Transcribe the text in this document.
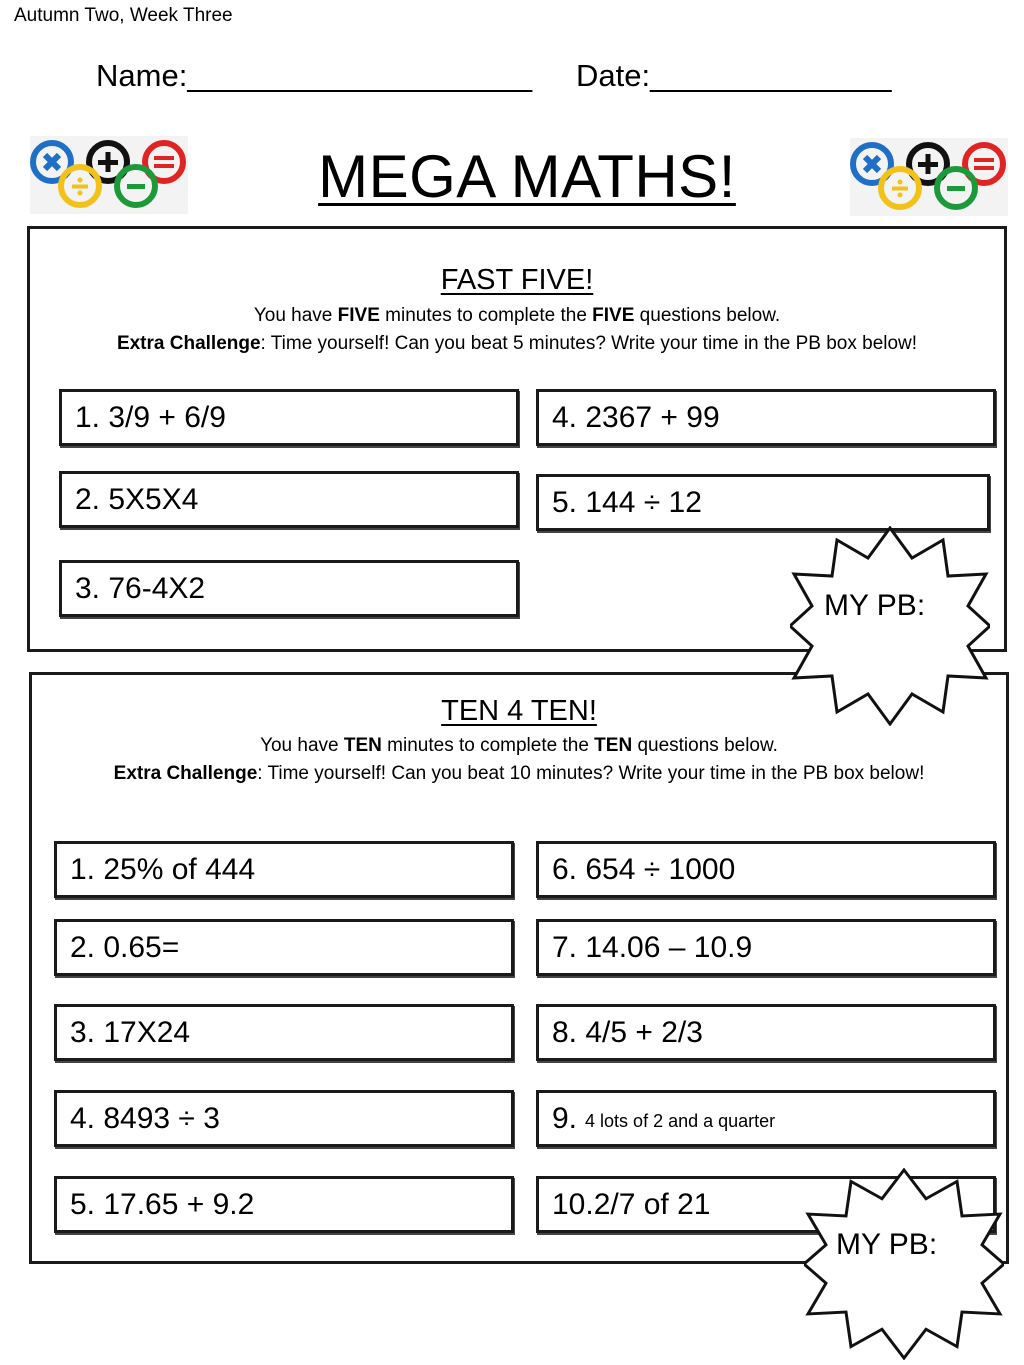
Autumn Two, Week Three
Name:____________________ Date:______________
MEGA MATHS!
FAST FIVE!
You have FIVE minutes to complete the FIVE questions below.
Extra Challenge: Time yourself! Can you beat 5 minutes? Write your time in the PB box below!
1. 3/9 + 6/9
2. 5X5X4
3. 76-4X2
4. 2367 + 99
5. 144 ÷ 12
TEN 4 TEN!
You have TEN minutes to complete the TEN questions below.
Extra Challenge: Time yourself! Can you beat 10 minutes? Write your time in the PB box below!
1. 25% of 444
2. 0.65=
3. 17X24
4. 8493 ÷ 3
5. 17.65 + 9.2
6. 654 ÷ 1000
7. 14.06 – 10.9
8. 4/5 + 2/3
9. 4 lots of 2 and a quarter
10.2/7 of 21
MY PB:
MY PB:
